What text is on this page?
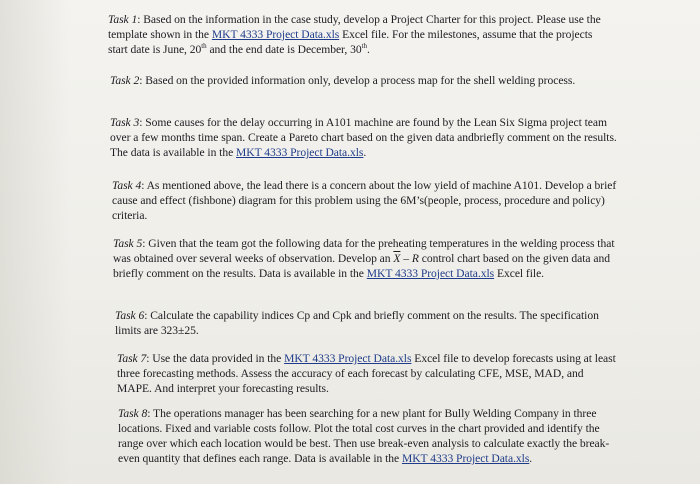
Task 1: Based on the information in the case study, develop a Project Charter for this project. Please use the template shown in the MKT 4333 Project Data.xls Excel file. For the milestones, assume that the projects start date is June, 20th and the end date is December, 30th.

Task 2: Based on the provided information only, develop a process map for the shell welding process.

Task 3: Some causes for the delay occurring in A101 machine are found by the Lean Six Sigma project team over a few months time span. Create a Pareto chart based on the given data andbriefly comment on the results. The data is available in the MKT 4333 Project Data.xls.

Task 4: As mentioned above, the lead there is a concern about the low yield of machine A101. Develop a brief cause and effect (fishbone) diagram for this problem using the 6M’s(people, process, procedure and policy) criteria.

Task 5: Given that the team got the following data for the preheating temperatures in the welding process that was obtained over several weeks of observation. Develop an $\overline{X}$ – R control chart based on the given data and briefly comment on the results. Data is available in the MKT 4333 Project Data.xls Excel file.

Task 6: Calculate the capability indices Cp and Cpk and briefly comment on the results. The specification limits are 323±25.

Task 7: Use the data provided in the MKT 4333 Project Data.xls Excel file to develop forecasts using at least three forecasting methods. Assess the accuracy of each forecast by calculating CFE, MSE, MAD, and MAPE. And interpret your forecasting results.

Task 8: The operations manager has been searching for a new plant for Bully Welding Company in three locations. Fixed and variable costs follow. Plot the total cost curves in the chart provided and identify the range over which each location would be best. Then use break-even analysis to calculate exactly the break-even quantity that defines each range. Data is available in the MKT 4333 Project Data.xls.
